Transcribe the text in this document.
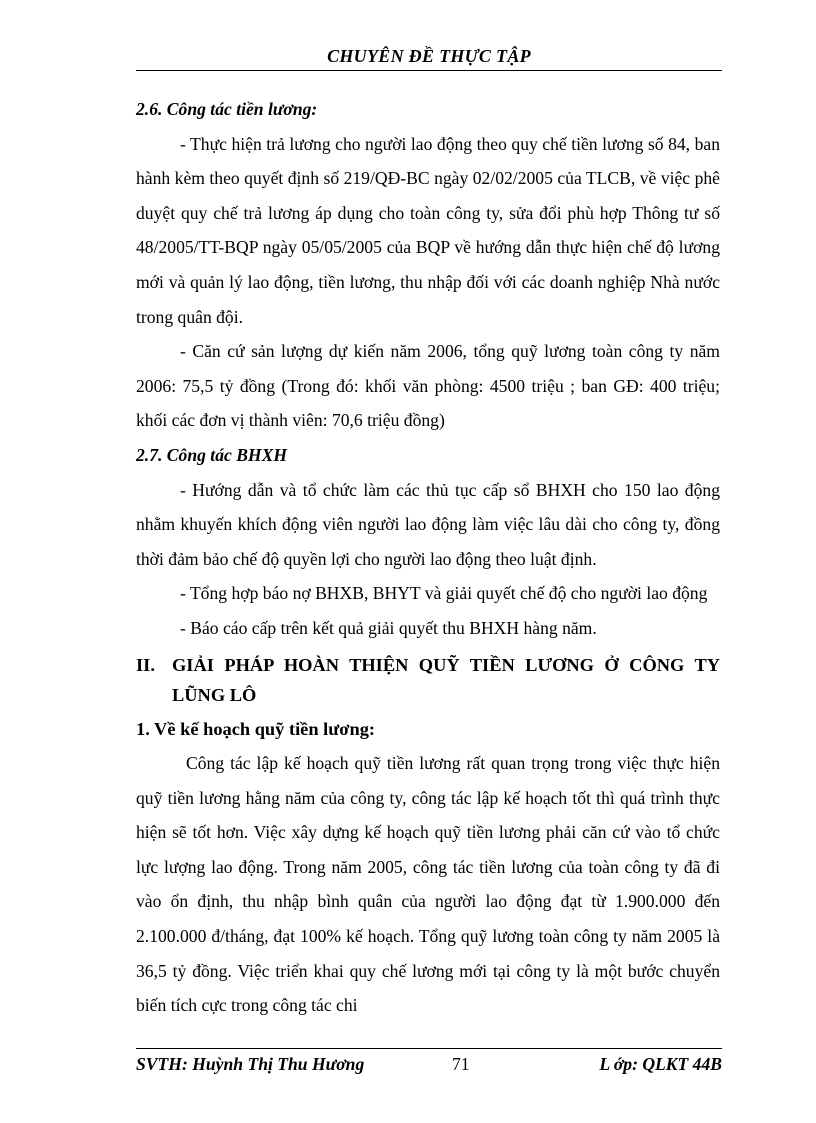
CHUYÊN ĐỀ THỰC TẬP

2.6. Công tác tiền lương:

- Thực hiện trả lương cho người lao động theo quy chế tiền lương số 84, ban hành kèm theo quyết định số 219/QĐ-BC ngày 02/02/2005 của TLCB, về việc phê duyệt quy chế trả lương áp dụng cho toàn công ty, sửa đổi phù hợp Thông tư số 48/2005/TT-BQP ngày 05/05/2005 của BQP về hướng dẫn thực hiện chế độ lương mới và quản lý lao động, tiền lương, thu nhập đối với các doanh nghiệp Nhà nước trong quân đội.

- Căn cứ sản lượng dự kiến năm 2006, tổng quỹ lương toàn công ty năm 2006: 75,5 tỷ đồng (Trong đó: khối văn phòng: 4500 triệu ; ban GĐ: 400 triệu; khối các đơn vị thành viên: 70,6 triệu đồng)

2.7. Công tác BHXH

- Hướng dẫn và tổ chức làm các thủ tục cấp sổ BHXH cho 150 lao động nhằm khuyến khích động viên người lao động làm việc lâu dài cho công ty, đồng thời đảm bảo chế độ quyền lợi cho người lao động theo luật định.

- Tổng hợp báo nợ BHXB, BHYT và giải quyết chế độ cho người lao động

- Báo cáo cấp trên kết quả giải quyết thu BHXH hàng năm.

II. GIẢI PHÁP HOÀN THIỆN QUỸ TIỀN LƯƠNG Ở CÔNG TY LŨNG LÔ

1. Về kế hoạch quỹ tiền lương:

Công tác lập kế hoạch quỹ tiền lương rất quan trọng trong việc thực hiện quỹ tiền lương hằng năm của công ty, công tác lập kế hoạch tốt thì quá trình thực hiện sẽ tốt hơn. Việc xây dựng kế hoạch quỹ tiền lương phải căn cứ vào tổ chức lực lượng lao động. Trong năm 2005, công tác tiền lương của toàn công ty đã đi vào ổn định, thu nhập bình quân của người lao động đạt từ 1.900.000 đến 2.100.000 đ/tháng, đạt 100% kế hoạch. Tổng quỹ lương toàn công ty năm 2005 là 36,5 tỷ đồng. Việc triển khai quy chế lương mới tại công ty là một bước chuyển biến tích cực trong công tác chi

SVTH: Huỳnh Thị Thu Hương	71	L ớp: QLKT 44B
